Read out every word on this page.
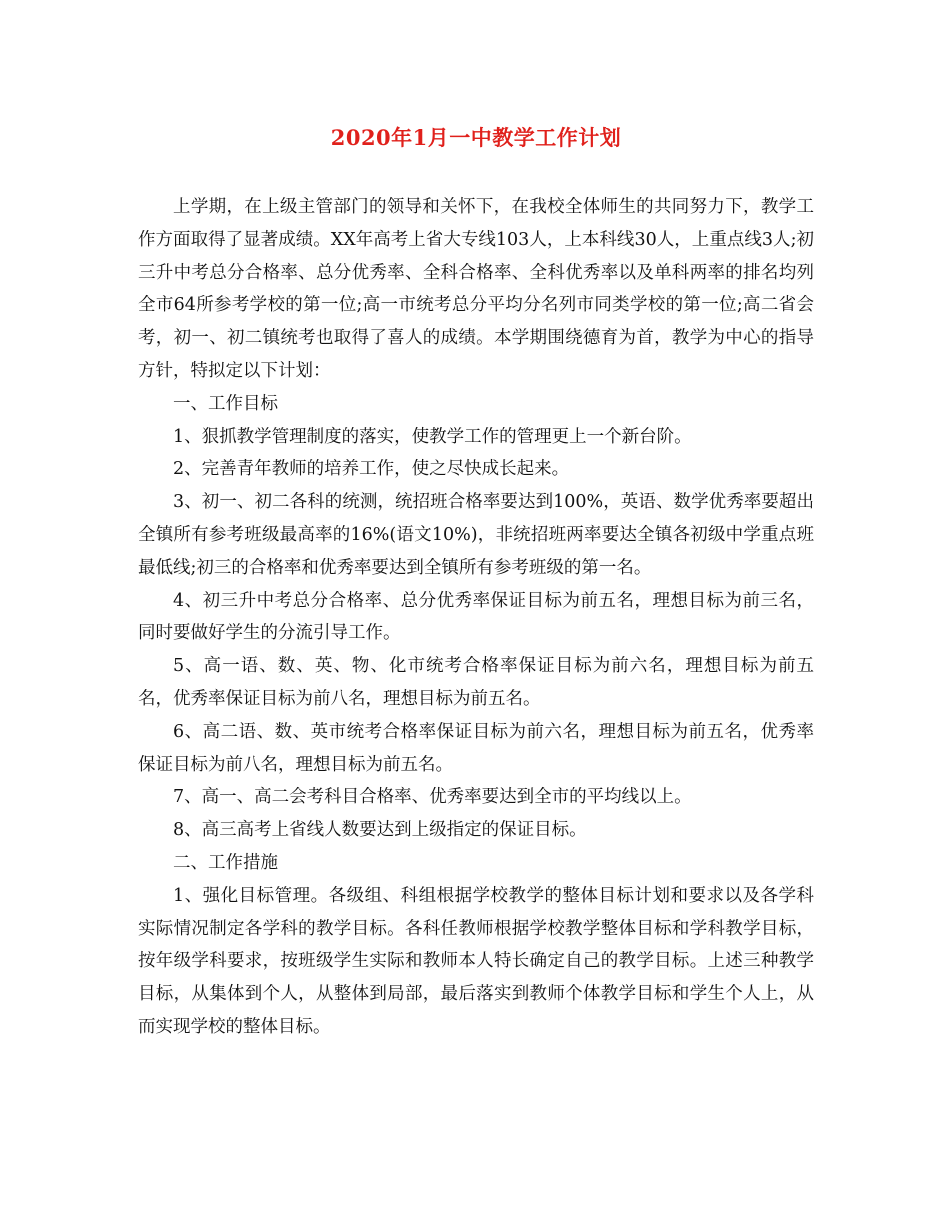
2020年1月一中教学工作计划

上学期，在上级主管部门的领导和关怀下，在我校全体师生的共同努力下，教学工作方面取得了显著成绩。XX年高考上省大专线103人，上本科线30人，上重点线3人;初三升中考总分合格率、总分优秀率、全科合格率、全科优秀率以及单科两率的排名均列全市64所参考学校的第一位;高一市统考总分平均分名列市同类学校的第一位;高二省会考，初一、初二镇统考也取得了喜人的成绩。本学期围绕德育为首，教学为中心的指导方针，特拟定以下计划：

一、工作目标

1、狠抓教学管理制度的落实，使教学工作的管理更上一个新台阶。

2、完善青年教师的培养工作，使之尽快成长起来。

3、初一、初二各科的统测，统招班合格率要达到100%，英语、数学优秀率要超出全镇所有参考班级最高率的16%(语文10%)，非统招班两率要达全镇各初级中学重点班最低线;初三的合格率和优秀率要达到全镇所有参考班级的第一名。

4、初三升中考总分合格率、总分优秀率保证目标为前五名，理想目标为前三名，同时要做好学生的分流引导工作。

5、高一语、数、英、物、化市统考合格率保证目标为前六名，理想目标为前五名，优秀率保证目标为前八名，理想目标为前五名。

6、高二语、数、英市统考合格率保证目标为前六名，理想目标为前五名，优秀率保证目标为前八名，理想目标为前五名。

7、高一、高二会考科目合格率、优秀率要达到全市的平均线以上。

8、高三高考上省线人数要达到上级指定的保证目标。

二、工作措施

1、强化目标管理。各级组、科组根据学校教学的整体目标计划和要求以及各学科实际情况制定各学科的教学目标。各科任教师根据学校教学整体目标和学科教学目标，按年级学科要求，按班级学生实际和教师本人特长确定自己的教学目标。上述三种教学目标，从集体到个人，从整体到局部，最后落实到教师个体教学目标和学生个人上，从而实现学校的整体目标。
